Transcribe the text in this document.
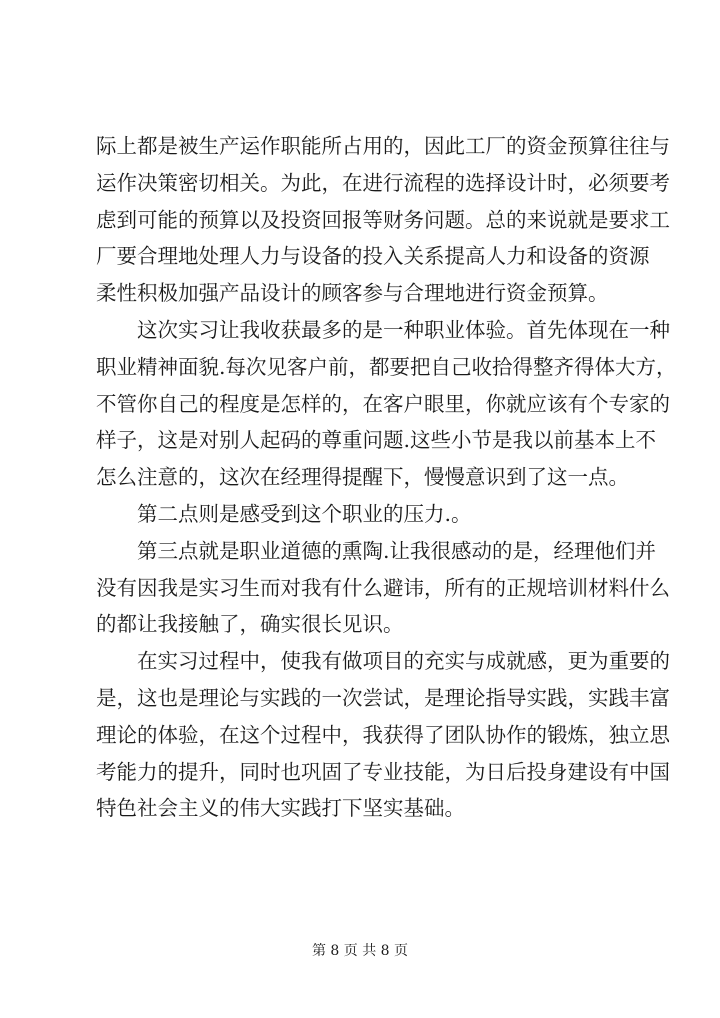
际上都是被生产运作职能所占用的，因此工厂的资金预算往往与
运作决策密切相关。为此，在进行流程的选择设计时，必须要考
虑到可能的预算以及投资回报等财务问题。总的来说就是要求工
厂要合理地处理人力与设备的投入关系提高人力和设备的资源
柔性积极加强产品设计的顾客参与合理地进行资金预算。
这次实习让我收获最多的是一种职业体验。首先体现在一种
职业精神面貌.每次见客户前，都要把自己收拾得整齐得体大方，
不管你自己的程度是怎样的，在客户眼里，你就应该有个专家的
样子，这是对别人起码的尊重问题.这些小节是我以前基本上不
怎么注意的，这次在经理得提醒下，慢慢意识到了这一点。
第二点则是感受到这个职业的压力.。
第三点就是职业道德的熏陶.让我很感动的是，经理他们并
没有因我是实习生而对我有什么避讳，所有的正规培训材料什么
的都让我接触了，确实很长见识。
在实习过程中，使我有做项目的充实与成就感，更为重要的
是，这也是理论与实践的一次尝试，是理论指导实践，实践丰富
理论的体验，在这个过程中，我获得了团队协作的锻炼，独立思
考能力的提升，同时也巩固了专业技能，为日后投身建设有中国
特色社会主义的伟大实践打下坚实基础。
第 8 页 共 8 页
